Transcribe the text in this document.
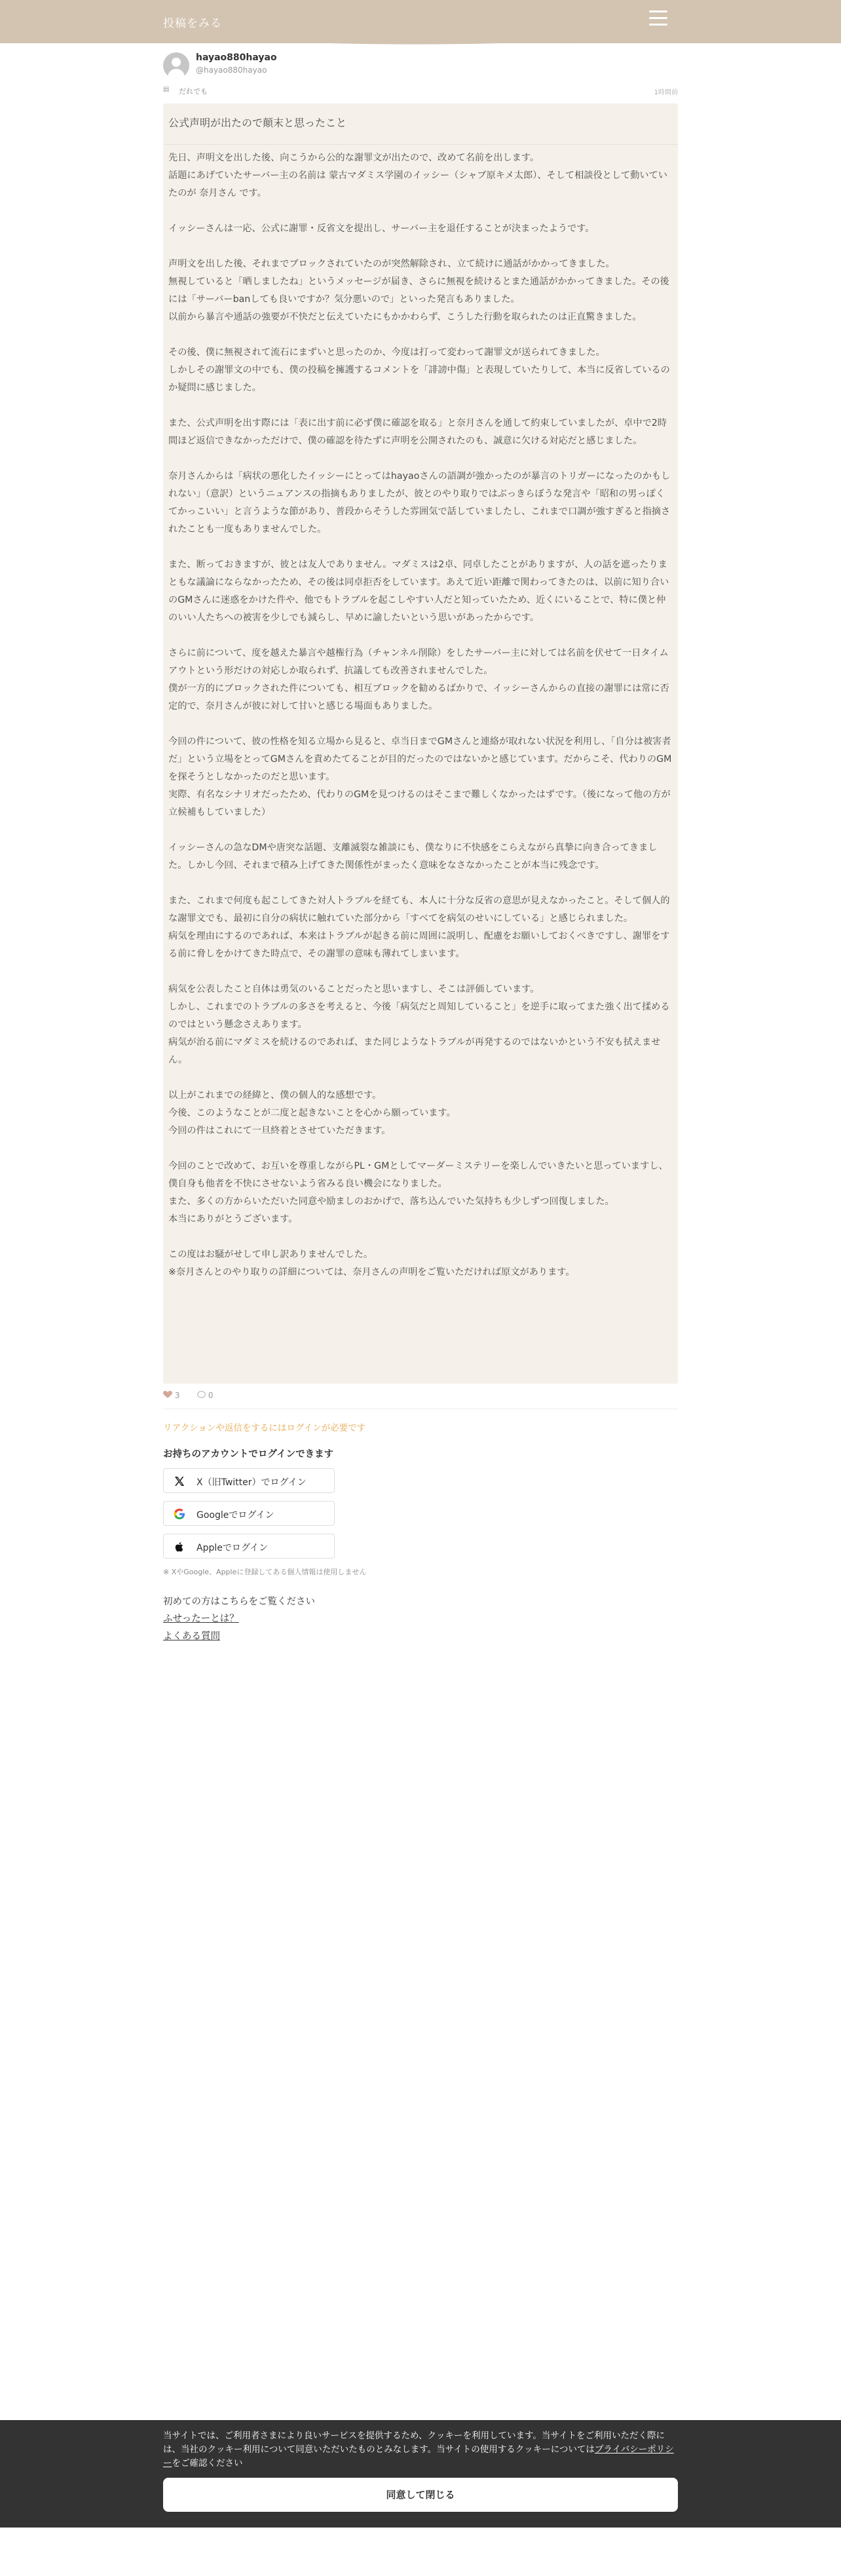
投稿をみる
hayao880hayao
@hayao880hayao
▤ だれでも	1時間前
公式声明が出たので顛末と思ったこと

先日、声明文を出した後、向こうから公的な謝罪文が出たので、改めて名前を出します。
話題にあげていたサーバー主の名前は 蒙古マダミス学園のイッシー（シャブ原キメ太郎）、そして相談役として動いていたのが 奈月さん です。

イッシーさんは一応、公式に謝罪・反省文を提出し、サーバー主を退任することが決まったようです。

声明文を出した後、それまでブロックされていたのが突然解除され、立て続けに通話がかかってきました。
無視していると「晒しましたね」というメッセージが届き、さらに無視を続けるとまた通話がかかってきました。その後には「サーバーbanしても良いですか？気分悪いので」といった発言もありました。
以前から暴言や通話の強要が不快だと伝えていたにもかかわらず、こうした行動を取られたのは正直驚きました。

その後、僕に無視されて流石にまずいと思ったのか、今度は打って変わって謝罪文が送られてきました。
しかしその謝罪文の中でも、僕の投稿を擁護するコメントを「誹謗中傷」と表現していたりして、本当に反省しているのか疑問に感じました。

また、公式声明を出す際には「表に出す前に必ず僕に確認を取る」と奈月さんを通して約束していましたが、卓中で2時間ほど返信できなかっただけで、僕の確認を待たずに声明を公開されたのも、誠意に欠ける対応だと感じました。

奈月さんからは「病状の悪化したイッシーにとってはhayaoさんの語調が強かったのが暴言のトリガーになったのかもしれない」（意訳）というニュアンスの指摘もありましたが、彼とのやり取りではぶっきらぼうな発言や「昭和の男っぽくてかっこいい」と言うような節があり、普段からそうした雰囲気で話していましたし、これまで口調が強すぎると指摘されたことも一度もありませんでした。

また、断っておきますが、彼とは友人でありません。マダミスは2卓、同卓したことがありますが、人の話を遮ったりまともな議論にならなかったため、その後は同卓拒否をしています。あえて近い距離で関わってきたのは、以前に知り合いのGMさんに迷惑をかけた件や、他でもトラブルを起こしやすい人だと知っていたため、近くにいることで、特に僕と仲のいい人たちへの被害を少しでも減らし、早めに諭したいという思いがあったからです。

さらに前について、度を越えた暴言や越権行為（チャンネル削除）をしたサーバー主に対しては名前を伏せて一日タイムアウトという形だけの対応しか取られず、抗議しても改善されませんでした。
僕が一方的にブロックされた件についても、相互ブロックを勧めるばかりで、イッシーさんからの直接の謝罪には常に否定的で、奈月さんが彼に対して甘いと感じる場面もありました。

今回の件について、彼の性格を知る立場から見ると、卓当日までGMさんと連絡が取れない状況を利用し、「自分は被害者だ」という立場をとってGMさんを責めたてることが目的だったのではないかと感じています。だからこそ、代わりのGMを探そうとしなかったのだと思います。
実際、有名なシナリオだったため、代わりのGMを見つけるのはそこまで難しくなかったはずです。（後になって他の方が立候補もしていました）

イッシーさんの急なDMや唐突な話題、支離滅裂な雑談にも、僕なりに不快感をこらえながら真摯に向き合ってきました。しかし今回、それまで積み上げてきた関係性がまったく意味をなさなかったことが本当に残念です。

また、これまで何度も起こしてきた対人トラブルを経ても、本人に十分な反省の意思が見えなかったこと。そして個人的な謝罪文でも、最初に自分の病状に触れていた部分から「すべてを病気のせいにしている」と感じられました。
病気を理由にするのであれば、本来はトラブルが起きる前に周囲に説明し、配慮をお願いしておくべきですし、謝罪をする前に脅しをかけてきた時点で、その謝罪の意味も薄れてしまいます。

病気を公表したこと自体は勇気のいることだったと思いますし、そこは評価しています。
しかし、これまでのトラブルの多さを考えると、今後「病気だと周知していること」を逆手に取ってまた強く出て揉めるのではという懸念さえあります。
病気が治る前にマダミスを続けるのであれば、また同じようなトラブルが再発するのではないかという不安も拭えません。

以上がこれまでの経緯と、僕の個人的な感想です。
今後、このようなことが二度と起きないことを心から願っています。
今回の件はこれにて一旦終着とさせていただきます。

今回のことで改めて、お互いを尊重しながらPL・GMとしてマーダーミステリーを楽しんでいきたいと思っていますし、僕自身も他者を不快にさせないよう省みる良い機会になりました。
また、多くの方からいただいた同意や励ましのおかげで、落ち込んでいた気持ちも少しずつ回復しました。
本当にありがとうございます。

この度はお騒がせして申し訳ありませんでした。
※奈月さんとのやり取りの詳細については、奈月さんの声明をご覧いただければ原文があります。

3	0
リアクションや返信をするにはログインが必要です
お持ちのアカウントでログインできます
X（旧Twitter）でログイン
Googleでログイン
Appleでログイン
※ XやGoogle、Appleに登録してある個人情報は使用しません
初めての方はこちらをご覧ください
ふせったーとは？
よくある質問
当サイトでは、ご利用者さまにより良いサービスを提供するため、クッキーを利用しています。当サイトをご利用いただく際には、当社のクッキー利用について同意いただいたものとみなします。当サイトの使用するクッキーについてはプライバシーポリシーをご確認ください
同意して閉じる
